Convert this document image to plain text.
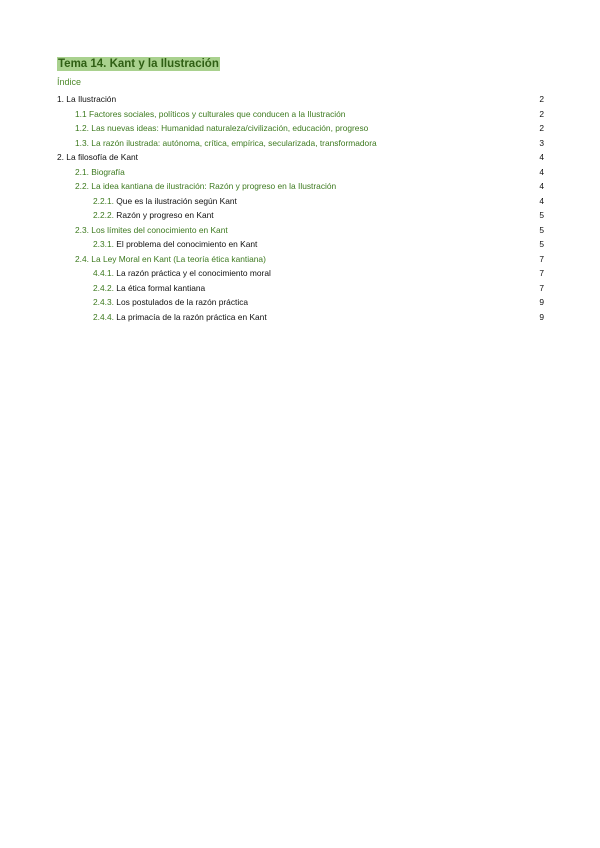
Tema 14. Kant y la Ilustración
Índice
1. La Ilustración	2
1.1 Factores sociales, políticos y culturales que conducen a la Ilustración	2
1.2. Las nuevas ideas: Humanidad naturaleza/civilización, educación, progreso	2
1.3. La razón ilustrada: autónoma, crítica, empírica, secularizada, transformadora	3
2. La filosofía de Kant	4
2.1. Biografía	4
2.2. La idea kantiana de ilustración: Razón y progreso en la Ilustración	4
2.2.1. Que es la ilustración según Kant	4
2.2.2. Razón y progreso en Kant	5
2.3. Los límites del conocimiento en Kant	5
2.3.1. El problema del conocimiento en Kant	5
2.4. La Ley Moral en Kant (La teoría ética kantiana)	7
4.4.1. La razón práctica y el conocimiento moral	7
2.4.2. La ética formal kantiana	7
2.4.3. Los postulados de la razón práctica	9
2.4.4. La primacía de la razón práctica en Kant	9
